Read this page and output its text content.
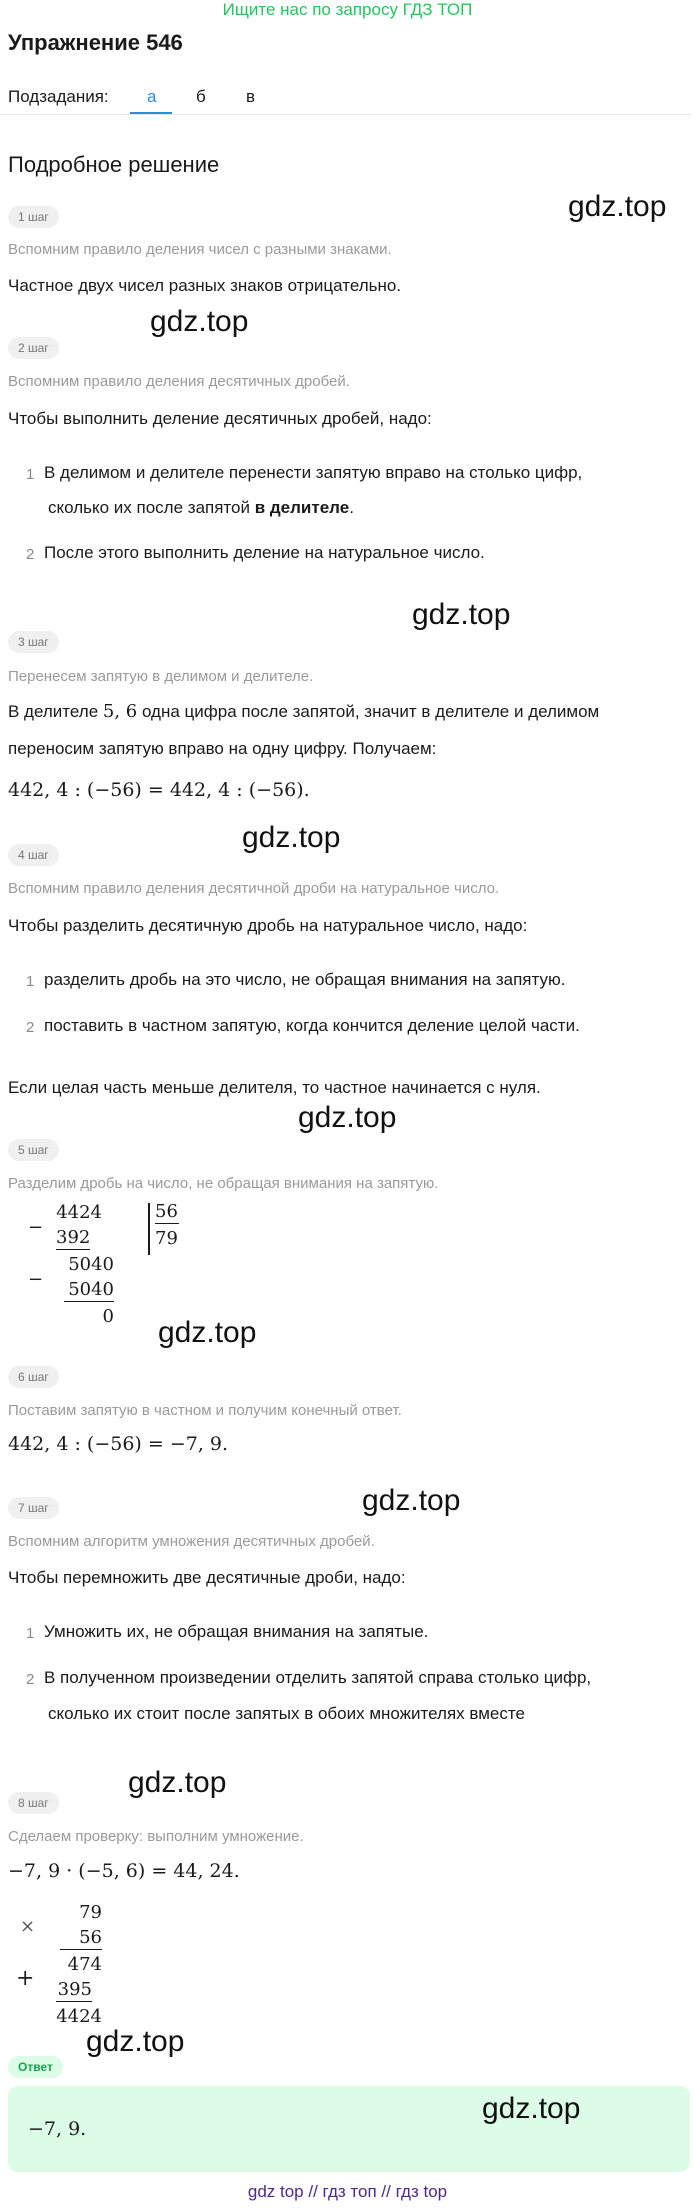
Ищите нас по запросу ГДЗ ТОП
Упражнение 546
Подзадания: а б в
Подробное решение
gdz.top
1 шаг
Вспомним правило деления чисел с разными знаками.
Частное двух чисел разных знаков отрицательно.
gdz.top
2 шаг
Вспомним правило деления десятичных дробей.
Чтобы выполнить деление десятичных дробей, надо:
1 В делимом и делителе перенести запятую вправо на столько цифр,
сколько их после запятой в делителе.
2 После этого выполнить деление на натуральное число.
gdz.top
3 шаг
Перенесем запятую в делимом и делителе.
В делителе 5, 6 одна цифра после запятой, значит в делителе и делимом
переносим запятую вправо на одну цифру. Получаем:
442, 4 : (−56) = 442, 4 : (−56).
gdz.top
4 шаг
Вспомним правило деления десятичной дроби на натуральное число.
Чтобы разделить десятичную дробь на натуральное число, надо:
1 разделить дробь на это число, не обращая внимания на запятую.
2 поставить в частном запятую, когда кончится деление целой части.
Если целая часть меньше делителя, то частное начинается с нуля.
gdz.top
5 шаг
Разделим дробь на число, не обращая внимания на запятую.
−
4424
392
−
5040
5040
0
56
79
gdz.top
6 шаг
Поставим запятую в частном и получим конечный ответ.
442, 4 : (−56) = −7, 9.
gdz.top
7 шаг
Вспомним алгоритм умножения десятичных дробей.
Чтобы перемножить две десятичные дроби, надо:
1 Умножить их, не обращая внимания на запятые.
2 В полученном произведении отделить запятой справа столько цифр,
сколько их стоит после запятых в обоих множителях вместе
gdz.top
8 шаг
Сделаем проверку: выполним умножение.
−7, 9 · (−5, 6) = 44, 24.
×
79
56
+
474
395
4424
gdz.top
Ответ
gdz.top
−7, 9.
gdz top // гдз топ // гдз top
